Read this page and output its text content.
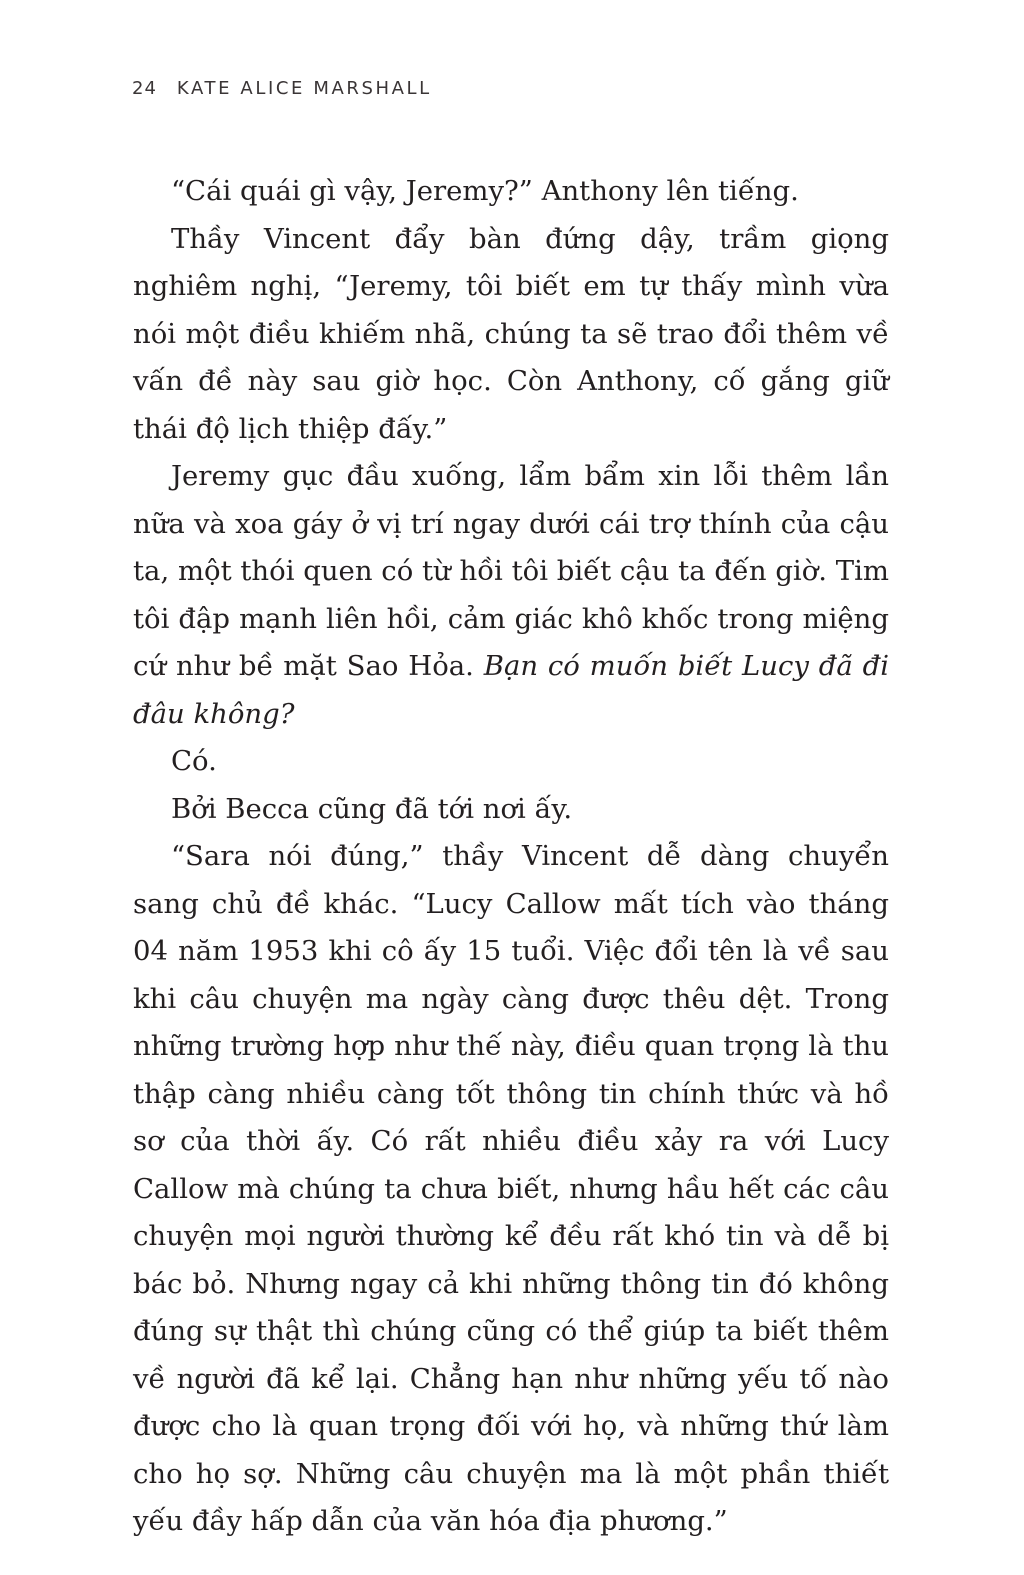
24 KATE ALICE MARSHALL

“Cái quái gì vậy, Jeremy?” Anthony lên tiếng.

Thầy Vincent đẩy bàn đứng dậy, trầm giọng nghiêm nghị, “Jeremy, tôi biết em tự thấy mình vừa nói một điều khiếm nhã, chúng ta sẽ trao đổi thêm về vấn đề này sau giờ học. Còn Anthony, cố gắng giữ thái độ lịch thiệp đấy.”

Jeremy gục đầu xuống, lẩm bẩm xin lỗi thêm lần nữa và xoa gáy ở vị trí ngay dưới cái trợ thính của cậu ta, một thói quen có từ hồi tôi biết cậu ta đến giờ. Tim tôi đập mạnh liên hồi, cảm giác khô khốc trong miệng cứ như bề mặt Sao Hỏa. Bạn có muốn biết Lucy đã đi đâu không?

Có.

Bởi Becca cũng đã tới nơi ấy.

“Sara nói đúng,” thầy Vincent dễ dàng chuyển sang chủ đề khác. “Lucy Callow mất tích vào tháng 04 năm 1953 khi cô ấy 15 tuổi. Việc đổi tên là về sau khi câu chuyện ma ngày càng được thêu dệt. Trong những trường hợp như thế này, điều quan trọng là thu thập càng nhiều càng tốt thông tin chính thức và hồ sơ của thời ấy. Có rất nhiều điều xảy ra với Lucy Callow mà chúng ta chưa biết, nhưng hầu hết các câu chuyện mọi người thường kể đều rất khó tin và dễ bị bác bỏ. Nhưng ngay cả khi những thông tin đó không đúng sự thật thì chúng cũng có thể giúp ta biết thêm về người đã kể lại. Chẳng hạn như những yếu tố nào được cho là quan trọng đối với họ, và những thứ làm cho họ sợ. Những câu chuyện ma là một phần thiết yếu đầy hấp dẫn của văn hóa địa phương.”
